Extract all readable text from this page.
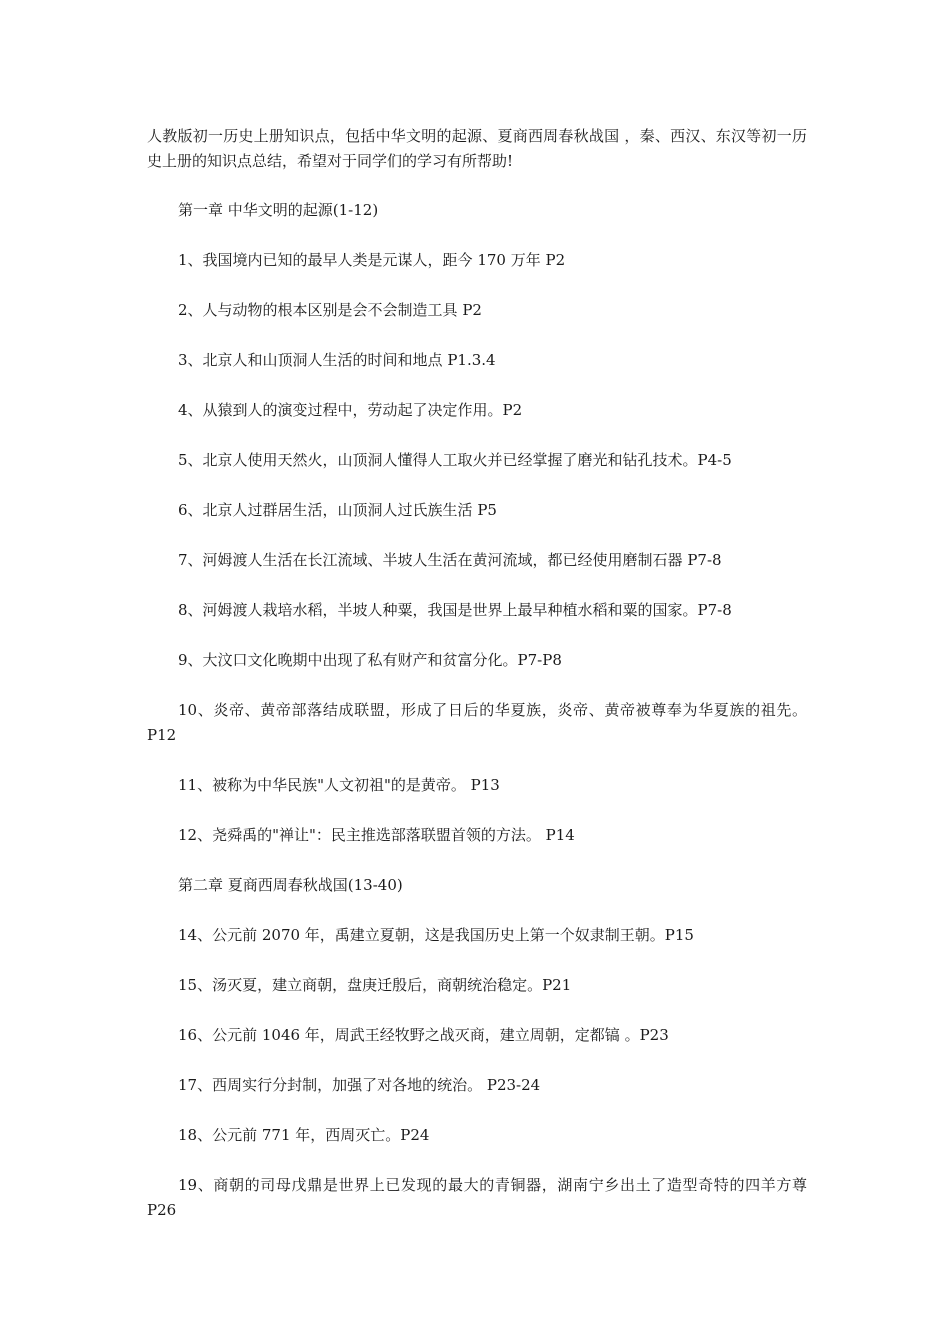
人教版初一历史上册知识点，包括中华文明的起源、夏商西周春秋战国 ，秦、西汉、东汉等初一历史上册的知识点总结，希望对于同学们的学习有所帮助!

第一章 中华文明的起源(1-12)

1、我国境内已知的最早人类是元谋人，距今 170 万年 P2

2、人与动物的根本区别是会不会制造工具 P2

3、北京人和山顶洞人生活的时间和地点 P1.3.4

4、从猿到人的演变过程中，劳动起了决定作用。P2

5、北京人使用天然火，山顶洞人懂得人工取火并已经掌握了磨光和钻孔技术。P4-5

6、北京人过群居生活，山顶洞人过氏族生活 P5

7、河姆渡人生活在长江流域、半坡人生活在黄河流域，都已经使用磨制石器 P7-8

8、河姆渡人栽培水稻，半坡人种粟，我国是世界上最早种植水稻和粟的国家。P7-8

9、大汶口文化晚期中出现了私有财产和贫富分化。P7-P8

10、炎帝、黄帝部落结成联盟，形成了日后的华夏族，炎帝、黄帝被尊奉为华夏族的祖先。P12

11、被称为中华民族"人文初祖"的是黄帝。 P13

12、尧舜禹的"禅让"：民主推选部落联盟首领的方法。 P14

第二章 夏商西周春秋战国(13-40)

14、公元前 2070 年，禹建立夏朝，这是我国历史上第一个奴隶制王朝。P15

15、汤灭夏，建立商朝，盘庚迁殷后，商朝统治稳定。P21

16、公元前 1046 年，周武王经牧野之战灭商，建立周朝，定都镐 。P23

17、西周实行分封制，加强了对各地的统治。 P23-24

18、公元前 771 年，西周灭亡。P24

19、商朝的司母戊鼎是世界上已发现的最大的青铜器，湖南宁乡出土了造型奇特的四羊方尊 P26
